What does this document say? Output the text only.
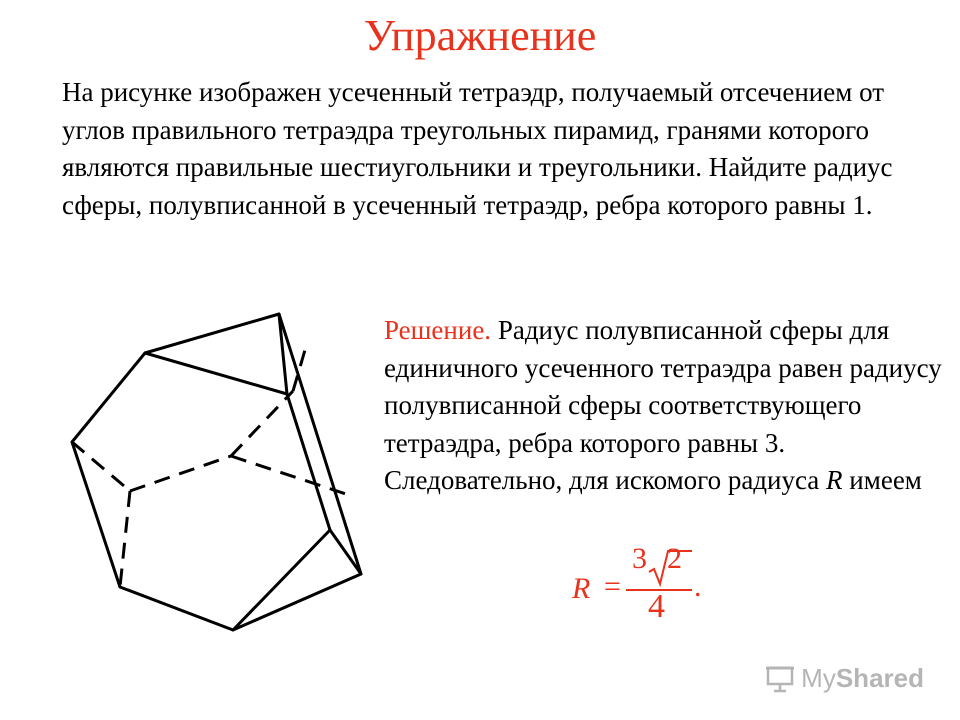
Упражнение
На рисунке изображен усеченный тетраэдр, получаемый отсечением от углов правильного тетраэдра треугольных пирамид, гранями которого являются правильные шестиугольники и треугольники. Найдите радиус сферы, полувписанной в усеченный тетраэдр, ребра которого равны 1.
Решение. Радиус полувписанной сферы для единичного усеченного тетраэдра равен радиусу полувписанной сферы соответствующего тетраэдра, ребра которого равны 3. Следовательно, для искомого радиуса R имеем
R =
3 2
4
.
MyShared
